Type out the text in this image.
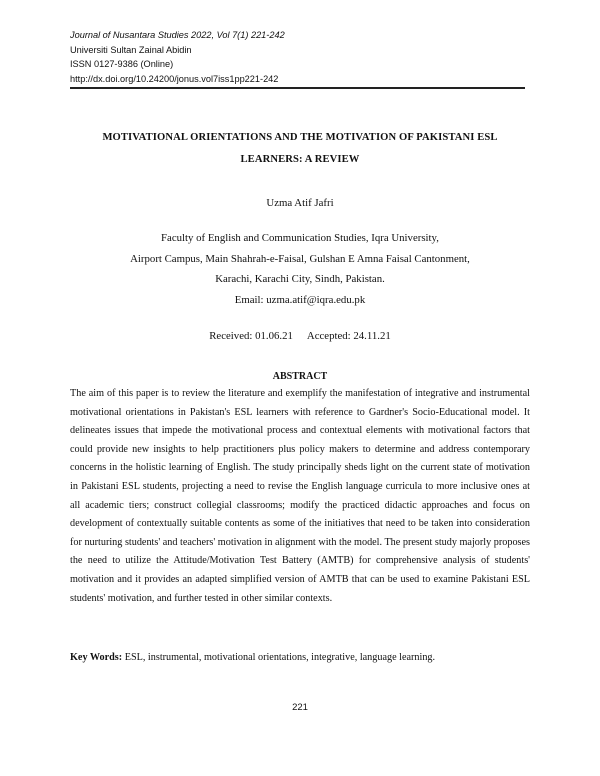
Journal of Nusantara Studies 2022, Vol 7(1) 221-242
Universiti Sultan Zainal Abidin
ISSN 0127-9386 (Online)
http://dx.doi.org/10.24200/jonus.vol7iss1pp221-242
MOTIVATIONAL ORIENTATIONS AND THE MOTIVATION OF PAKISTANI ESL
LEARNERS: A REVIEW
Uzma Atif Jafri
Faculty of English and Communication Studies, Iqra University,
Airport Campus, Main Shahrah-e-Faisal, Gulshan E Amna Faisal Cantonment,
Karachi, Karachi City, Sindh, Pakistan.
Email: uzma.atif@iqra.edu.pk
Received: 01.06.21 Accepted: 24.11.21
ABSTRACT

The aim of this paper is to review the literature and exemplify the manifestation of integrative and instrumental motivational orientations in Pakistan's ESL learners with reference to Gardner's Socio-Educational model. It delineates issues that impede the motivational process and contextual elements with motivational factors that could provide new insights to help practitioners plus policy makers to determine and address contemporary concerns in the holistic learning of English. The study principally sheds light on the current state of motivation in Pakistani ESL students, projecting a need to revise the English language curricula to more inclusive ones at all academic tiers; construct collegial classrooms; modify the practiced didactic approaches and focus on development of contextually suitable contents as some of the initiatives that need to be taken into consideration for nurturing students' and teachers' motivation in alignment with the model. The present study majorly proposes the need to utilize the Attitude/Motivation Test Battery (AMTB) for comprehensive analysis of students' motivation and it provides an adapted simplified version of AMTB that can be used to examine Pakistani ESL students' motivation, and further tested in other similar contexts.

Key Words: ESL, instrumental, motivational orientations, integrative, language learning.
221
